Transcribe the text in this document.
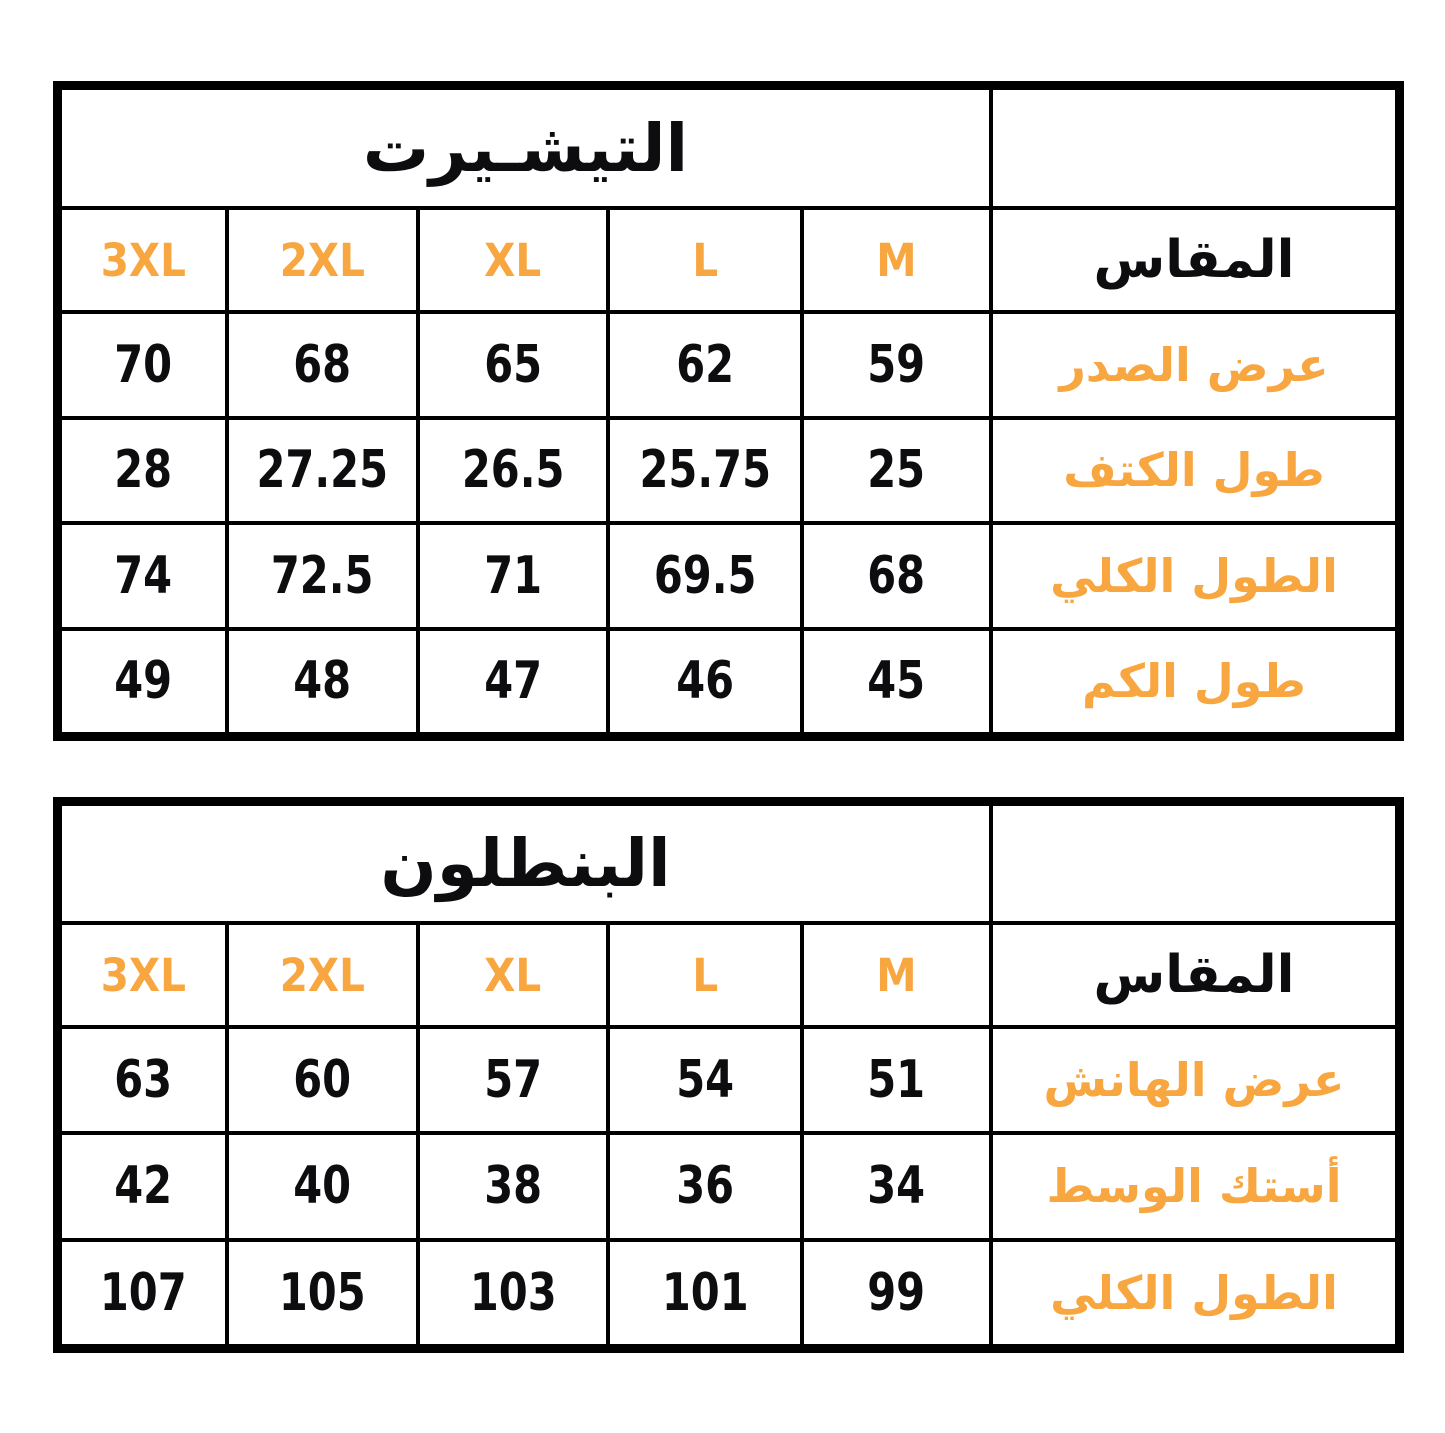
التيشـيرت
3XL 2XL	XL	L	M	المقاس
70 68	65	62	59	عرض الصدر
28 27.25 26.5 25.75 25	طول الكتف
74 72.5 71 69.5 68	الطول الكلي
49 48	47	46	45	طول الكم
البنطلون
3XL 2XL	XL	L	M	المقاس
63 60	57	54	51	عرض الهانش
42 40	38	36	34	أستك الوسط
107 105 103 101 99	الطول الكلي
